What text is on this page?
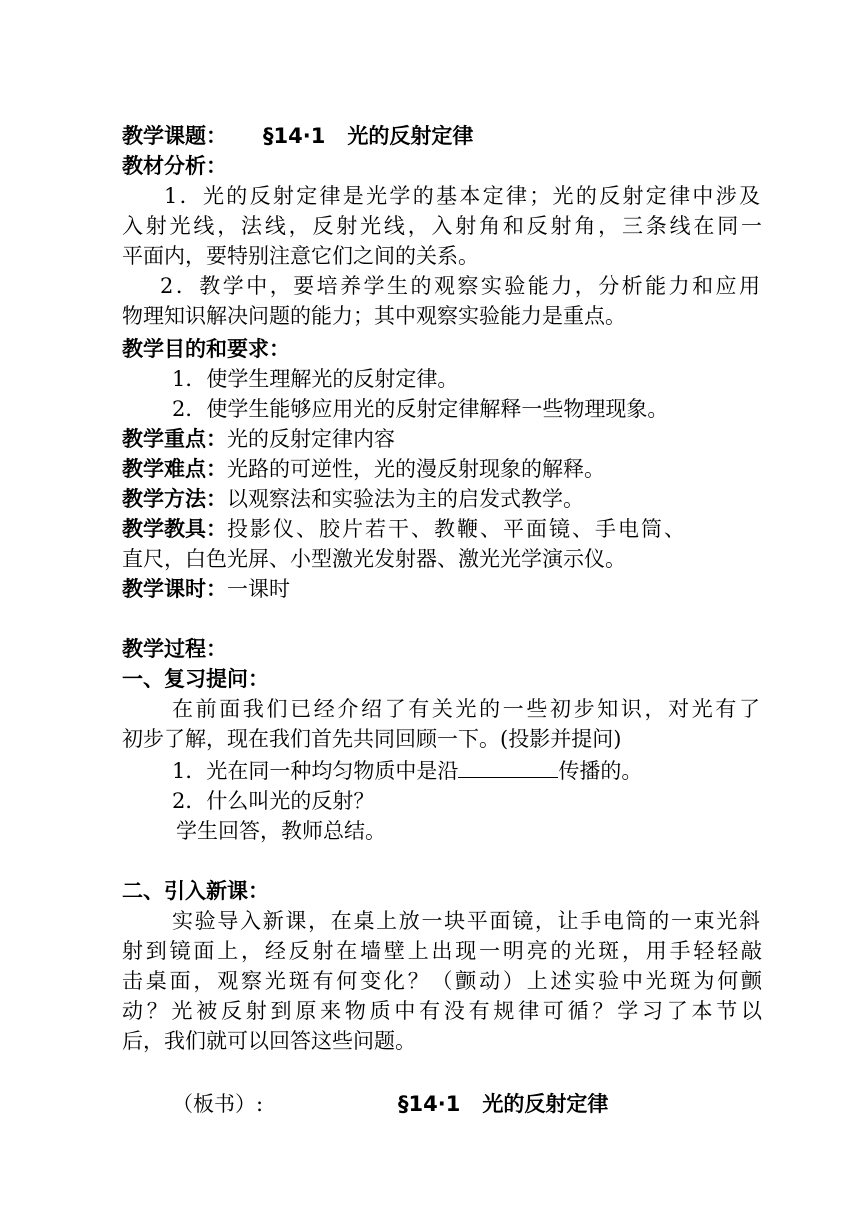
教学课题： §14·1 光的反射定律
教材分析：
1．光的反射定律是光学的基本定律；光的反射定律中涉及
入射光线，法线，反射光线，入射角和反射角，三条线在同一
平面内，要特别注意它们之间的关系。
2．教学中，要培养学生的观察实验能力，分析能力和应用
物理知识解决问题的能力；其中观察实验能力是重点。
教学目的和要求：
1．使学生理解光的反射定律。
2．使学生能够应用光的反射定律解释一些物理现象。
教学重点：光的反射定律内容
教学难点：光路的可逆性，光的漫反射现象的解释。
教学方法：以观察法和实验法为主的启发式教学。
教学教具：投影仪、胶片若干、教鞭、平面镜、手电筒、
直尺，白色光屏、小型激光发射器、激光光学演示仪。
教学课时：一课时
教学过程：
一、复习提问：
在前面我们已经介绍了有关光的一些初步知识，对光有了
初步了解，现在我们首先共同回顾一下。(投影并提问)
1．光在同一种均匀物质中是沿	传播的。
2．什么叫光的反射？
学生回答，教师总结。
二、引入新课：
实验导入新课，在桌上放一块平面镜，让手电筒的一束光斜
射到镜面上，经反射在墙壁上出现一明亮的光斑，用手轻轻敲
击桌面，观察光斑有何变化？（颤动）上述实验中光斑为何颤
动？光被反射到原来物质中有没有规律可循？学习了本节以
后，我们就可以回答这些问题。
（板书）:	§14·1 光的反射定律
